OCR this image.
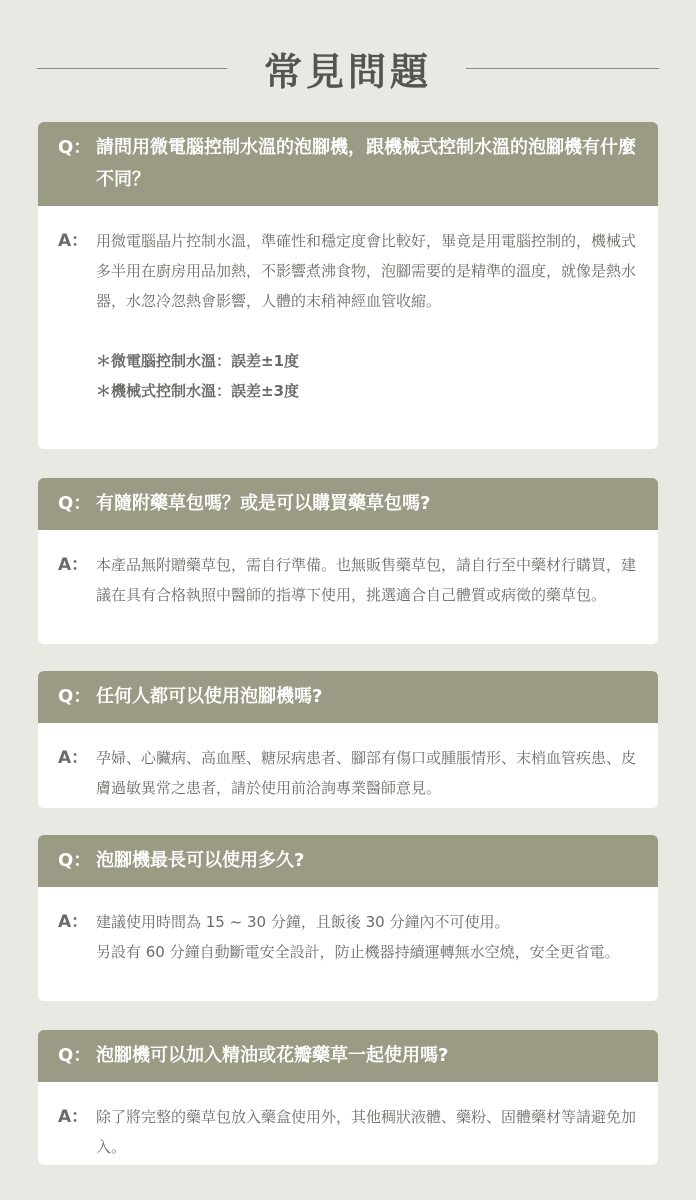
常見問題
Q： 請問用微電腦控制水溫的泡腳機，跟機械式控制水溫的泡腳機有什麼不同？
A： 用微電腦晶片控制水溫，準確性和穩定度會比較好，畢竟是用電腦控制的，機械式多半用在廚房用品加熱，不影響煮沸食物，泡腳需要的是精準的溫度，就像是熱水器，水忽冷忽熱會影響，人體的末稍神經血管收縮。
＊微電腦控制水溫：誤差±1度
＊機械式控制水溫：誤差±3度
Q： 有隨附藥草包嗎？或是可以購買藥草包嗎?
A： 本產品無附贈藥草包，需自行準備。也無販售藥草包，請自行至中藥材行購買，建議在具有合格執照中醫師的指導下使用，挑選適合自己體質或病徵的藥草包。
Q： 任何人都可以使用泡腳機嗎?
A： 孕婦、心臟病、高血壓、糖尿病患者、腳部有傷口或腫脹情形、末梢血管疾患、皮膚過敏異常之患者，請於使用前洽詢專業醫師意見。
Q： 泡腳機最長可以使用多久?
A： 建議使用時間為 15 ~ 30 分鐘，且飯後 30 分鐘內不可使用。
另設有 60 分鐘自動斷電安全設計，防止機器持續運轉無水空燒，安全更省電。
Q： 泡腳機可以加入精油或花瓣藥草一起使用嗎?
A： 除了將完整的藥草包放入藥盒使用外，其他稠狀液體、藥粉、固體藥材等請避免加入。
